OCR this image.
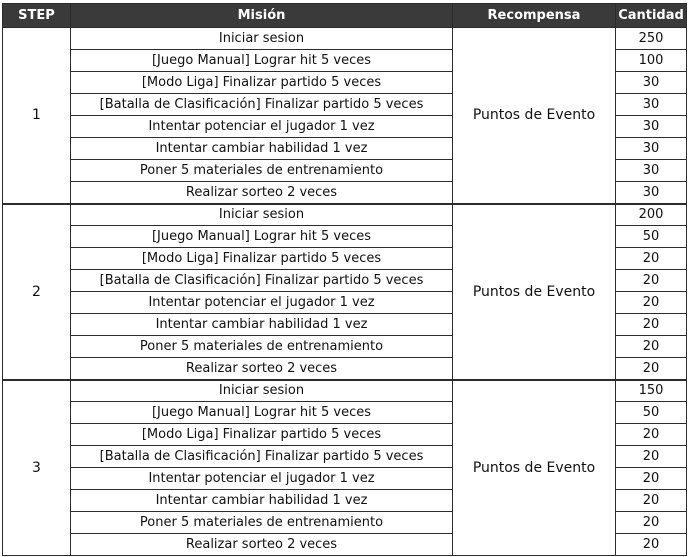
STEP	Misión	Recompensa	Cantidad
1	Iniciar sesion	Puntos de Evento	250
	[Juego Manual] Lograr hit 5 veces		100
	[Modo Liga] Finalizar partido 5 veces		30
	[Batalla de Clasificación] Finalizar partido 5 veces		30
	Intentar potenciar el jugador 1 vez		30
	Intentar cambiar habilidad 1 vez		30
	Poner 5 materiales de entrenamiento		30
	Realizar sorteo 2 veces		30
2	Iniciar sesion	Puntos de Evento	200
	[Juego Manual] Lograr hit 5 veces		50
	[Modo Liga] Finalizar partido 5 veces		20
	[Batalla de Clasificación] Finalizar partido 5 veces		20
	Intentar potenciar el jugador 1 vez		20
	Intentar cambiar habilidad 1 vez		20
	Poner 5 materiales de entrenamiento		20
	Realizar sorteo 2 veces		20
3	Iniciar sesion	Puntos de Evento	150
	[Juego Manual] Lograr hit 5 veces		50
	[Modo Liga] Finalizar partido 5 veces		20
	[Batalla de Clasificación] Finalizar partido 5 veces		20
	Intentar potenciar el jugador 1 vez		20
	Intentar cambiar habilidad 1 vez		20
	Poner 5 materiales de entrenamiento		20
	Realizar sorteo 2 veces		20
